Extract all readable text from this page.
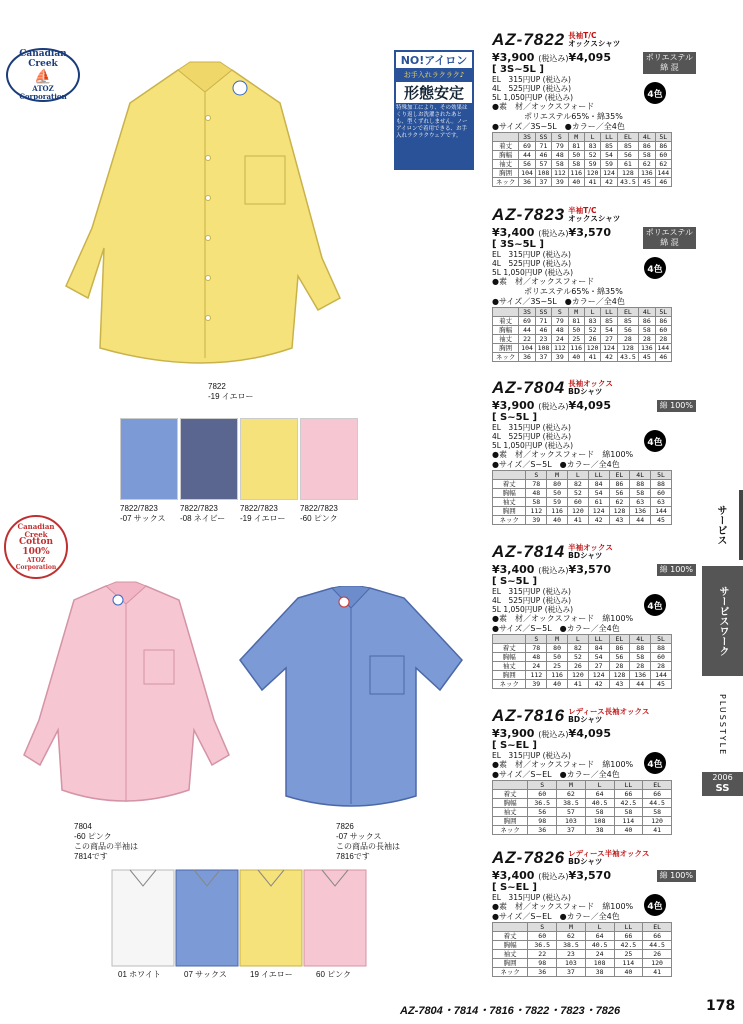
Canadian Creek
⛵
ATOZ Corporation
NO!アイロン
お手入れラクラク♪
形態安定
特殊加工により、その効果はくり返しお洗濯されたあとも、型くずれしません。ノーアイロンで着用できる、お手入れラクラクウェアです。
7822
-19 イエロー
7822/7823
-07 サックス
7822/7823
-08 ネイビー
7822/7823
-19 イエロー
7822/7823
-60 ピンク
Canadian Creek
Cotton
100%
ATOZ Corporation
7804
-60 ピンク
この商品の半袖は
7814です
7826
-07 サックス
この商品の長袖は
7816です
01 ホワイト	07 サックス	19 イエロー	60 ピンク
AZ-7822 長袖T/C
オックスシャツ
¥3,900 (税込み)¥4,095	ポリエステル
綿 混
[ 3S~5L ]
EL　315円UP (税込み)
4L　525円UP (税込み)
5L 1,050円UP (税込み)	4色
●素　材／オックスフォード
　　　　ポリエステル65%・綿35%
●サイズ／3S~5L　●カラー／全4色
	3S	SS	S	M	L	LL	EL	4L	5L
着丈	69	71	79	81	83	85	85	86	86
胸幅	44	46	48	50	52	54	56	58	60
袖丈	56	57	58	58	59	59	61	62	62
胸囲	104	108	112	116	120	124	128	136	144
ネック	36	37	39	40	41	42	43.5	45	46
AZ-7823 半袖T/C
オックスシャツ
¥3,400 (税込み)¥3,570	ポリエステル
綿 混
[ 3S~5L ]
EL　315円UP (税込み)
4L　525円UP (税込み)
5L 1,050円UP (税込み)	4色
●素　材／オックスフォード
　　　　ポリエステル65%・綿35%
●サイズ／3S~5L　●カラー／全4色
	3S	SS	S	M	L	LL	EL	4L	5L
着丈	69	71	79	81	83	85	85	86	86
胸幅	44	46	48	50	52	54	56	58	60
袖丈	22	23	24	25	26	27	28	28	28
胸囲	104	108	112	116	120	124	128	136	144
ネック	36	37	39	40	41	42	43.5	45	46
AZ-7804 長袖オックス
BDシャツ
¥3,900 (税込み)¥4,095	綿 100%
[ S~5L ]
EL　315円UP (税込み)
4L　525円UP (税込み)
5L 1,050円UP (税込み)	4色
●素　材／オックスフォード　綿100%
●サイズ／S~5L　●カラー／全4色
	S	M	L	LL	EL	4L	5L
着丈	78	80	82	84	86	88	88
胸幅	48	50	52	54	56	58	60
袖丈	58	59	60	61	62	63	63
胸囲	112	116	120	124	128	136	144
ネック	39	40	41	42	43	44	45
AZ-7814 半袖オックス
BDシャツ
¥3,400 (税込み)¥3,570	綿 100%
[ S~5L ]
EL　315円UP (税込み)
4L　525円UP (税込み)
5L 1,050円UP (税込み)	4色
●素　材／オックスフォード　綿100%
●サイズ／S~5L　●カラー／全4色
	S	M	L	LL	EL	4L	5L
着丈	78	80	82	84	86	88	88
胸幅	48	50	52	54	56	58	60
袖丈	24	25	26	27	28	28	28
胸囲	112	116	120	124	128	136	144
ネック	39	40	41	42	43	44	45
AZ-7816 レディース長袖オックス
BDシャツ
¥3,900 (税込み)¥4,095
[ S~EL ]
EL　315円UP (税込み)
4色
●素　材／オックスフォード　綿100%
●サイズ／S~EL　●カラー／全4色
	S	M	L	LL	EL
着丈	60	62	64	66	66
胸幅	36.5	38.5	40.5	42.5	44.5
袖丈	56	57	58	58	58
胸囲	98	103	108	114	120
ネック	36	37	38	40	41
AZ-7826 レディース半袖オックス
BDシャツ
¥3,400 (税込み)¥3,570	綿 100%
[ S~EL ]
EL　315円UP (税込み)
4色
●素　材／オックスフォード　綿100%
●サイズ／S~EL　●カラー／全4色
	S	M	L	LL	EL
着丈	60	62	64	66	66
胸幅	36.5	38.5	40.5	42.5	44.5
袖丈	22	23	24	25	26
胸囲	98	103	108	114	120
ネック	36	37	38	40	41
サービス
サービスワーク
PLUSSTYLE
2006
SS
AZ-7804・7814・7816・7822・7823・7826	178
